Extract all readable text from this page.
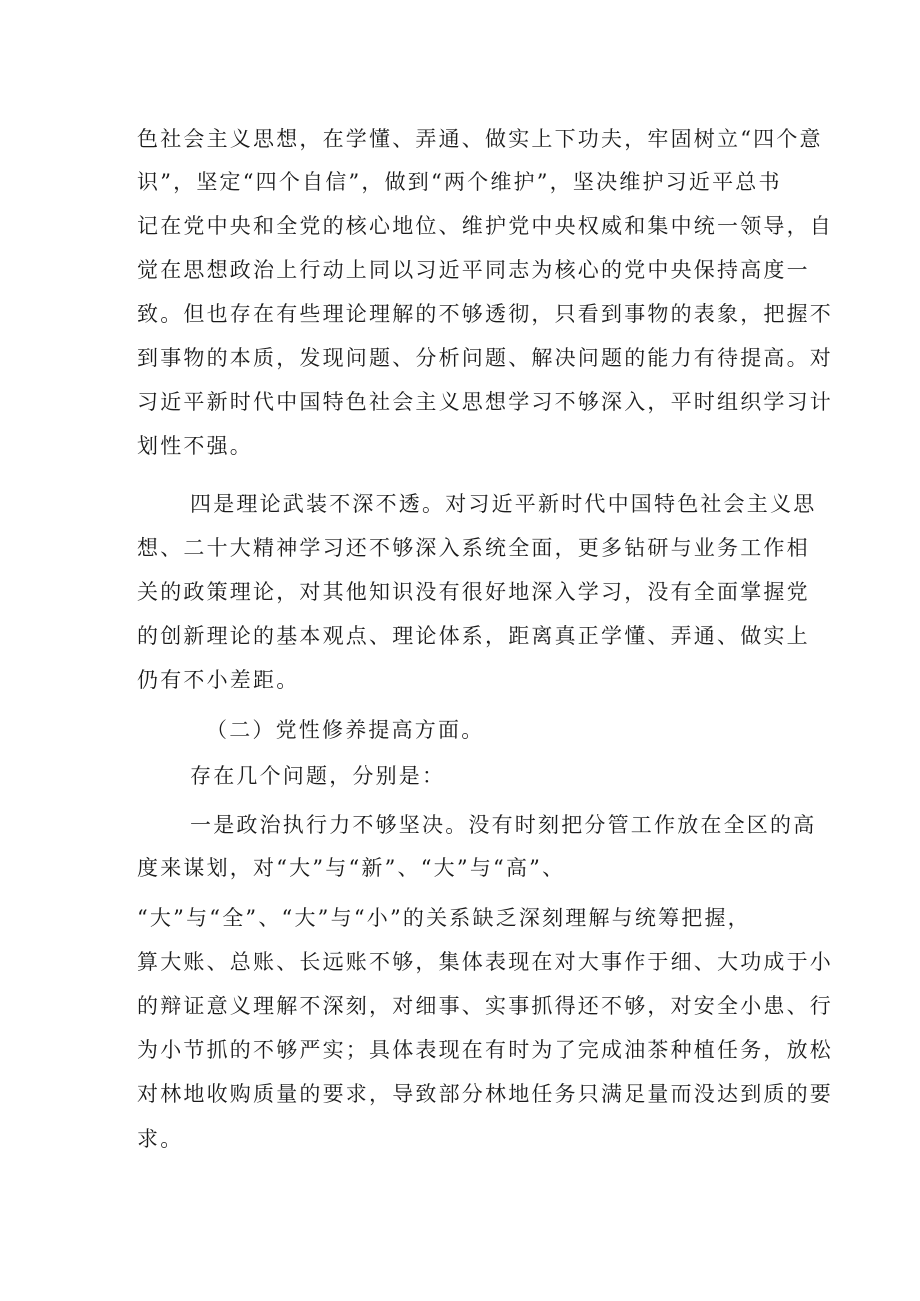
色社会主义思想，在学懂、弄通、做实上下功夫，牢固树立“四个意
识”，坚定“四个自信”，做到“两个维护”，坚决维护习近平总书
记在党中央和全党的核心地位、维护党中央权威和集中统一领导，自
觉在思想政治上行动上同以习近平同志为核心的党中央保持高度一
致。但也存在有些理论理解的不够透彻，只看到事物的表象，把握不
到事物的本质，发现问题、分析问题、解决问题的能力有待提高。对
习近平新时代中国特色社会主义思想学习不够深入，平时组织学习计
划性不强。
四是理论武装不深不透。对习近平新时代中国特色社会主义思
想、二十大精神学习还不够深入系统全面，更多钻研与业务工作相
关的政策理论，对其他知识没有很好地深入学习，没有全面掌握党
的创新理论的基本观点、理论体系，距离真正学懂、弄通、做实上
仍有不小差距。
（二）党性修养提高方面。
存在几个问题，分别是：
一是政治执行力不够坚决。没有时刻把分管工作放在全区的高
度来谋划，对“大”与“新”、“大”与“高”、
“大”与“全”、“大”与“小”的关系缺乏深刻理解与统筹把握，
算大账、总账、长远账不够，集体表现在对大事作于细、大功成于小
的辩证意义理解不深刻，对细事、实事抓得还不够，对安全小患、行
为小节抓的不够严实；具体表现在有时为了完成油茶种植任务，放松
对林地收购质量的要求，导致部分林地任务只满足量而没达到质的要
求。
